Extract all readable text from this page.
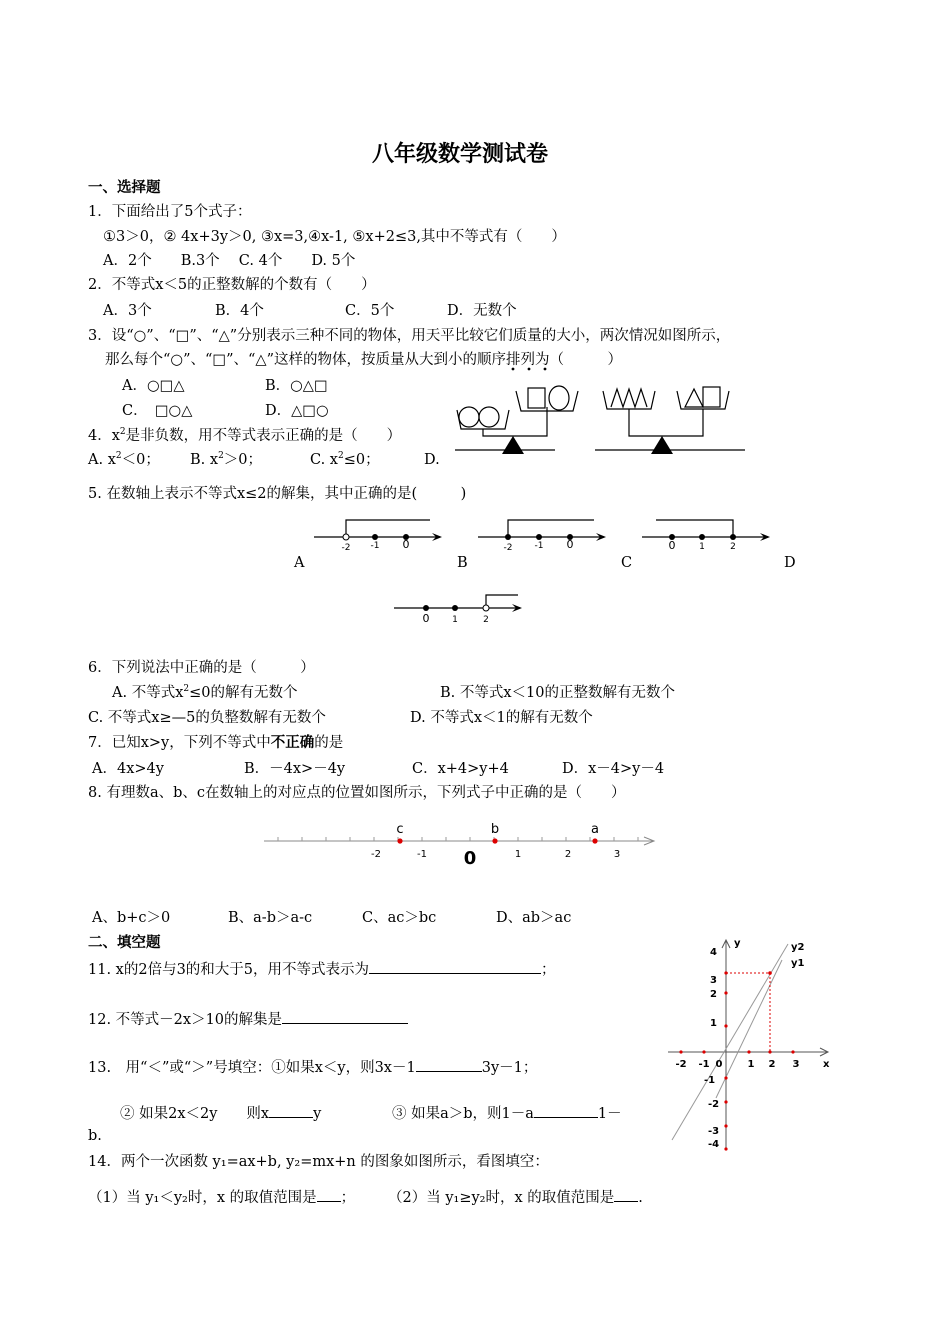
八年级数学测试卷
一、选择题
1．下面给出了5个式子：
①3＞0，② 4x+3y＞0, ③x=3,④x-1, ⑤x+2≤3,其中不等式有（　　）
A．2个　　B.3个　 C. 4个　　D. 5个
2．不等式x＜5的正整数解的个数有（　　）
A．3个	B．4个	C．5个	D．无数个
3．设“○”、“□”、“△”分别表示三种不同的物体，用天平比较它们质量的大小，两次情况如图所示，
那么每个“○”、“□”、“△”这样的物体，按质量从大到小的顺序排列为（　　　）
A．○□△	B．○△□
C．　□○△	D．△□○
4．$x^2$是非负数，用不等式表示正确的是（　　）
A. $x^2<0$； B. $x^2>0$；	C. $x^2\le 0$；	D.
5. 在数轴上表示不等式x≤2的解集，其中正确的是(　　　)
-2 -1 0	-2 -1 0	0	1	2
A	B	C	D
0	1	2
6．下列说法中正确的是（　　　）
A. 不等式$x^2\le 0$的解有无数个	B. 不等式x＜10的正整数解有无数个
C. 不等式x≥—5的负整数解有无数个	D. 不等式x＜1的解有无数个
7．已知x>y，下列不等式中不正确的是
A．4x>4y	B．－4x>－4y	C．x+4>y+4	D．x－4>y－4
8. 有理数a、b、c在数轴上的对应点的位置如图所示，下列式子中正确的是（　　）
c	b	a
-2	-1 0	1	2	3
A、b+c＞0	B、a-b＞a-c	C、ac＞bc	D、ab＞ac
二、填空题
11. x的2倍与3的和大于5，用不等式表示为	；
12. 不等式－2x＞10的解集是
13.　用“＜”或“＞”号填空：①如果x＜y，则3x－1	3y－1；
② 如果2x＜2y　　则x	y	③ 如果a＞b，则1－a	1－
b.
14．两个一次函数 y₁=ax+b, y₂=mx+n 的图象如图所示，看图填空：
（1）当 y₁＜y₂时，x 的取值范围是 ； （2）当 y₁≥y₂时，x 的取值范围是 .
y
x
y2
y1
-2 -1 0	1 2 3
4
3
2
1
-1
-2
-3
-4
